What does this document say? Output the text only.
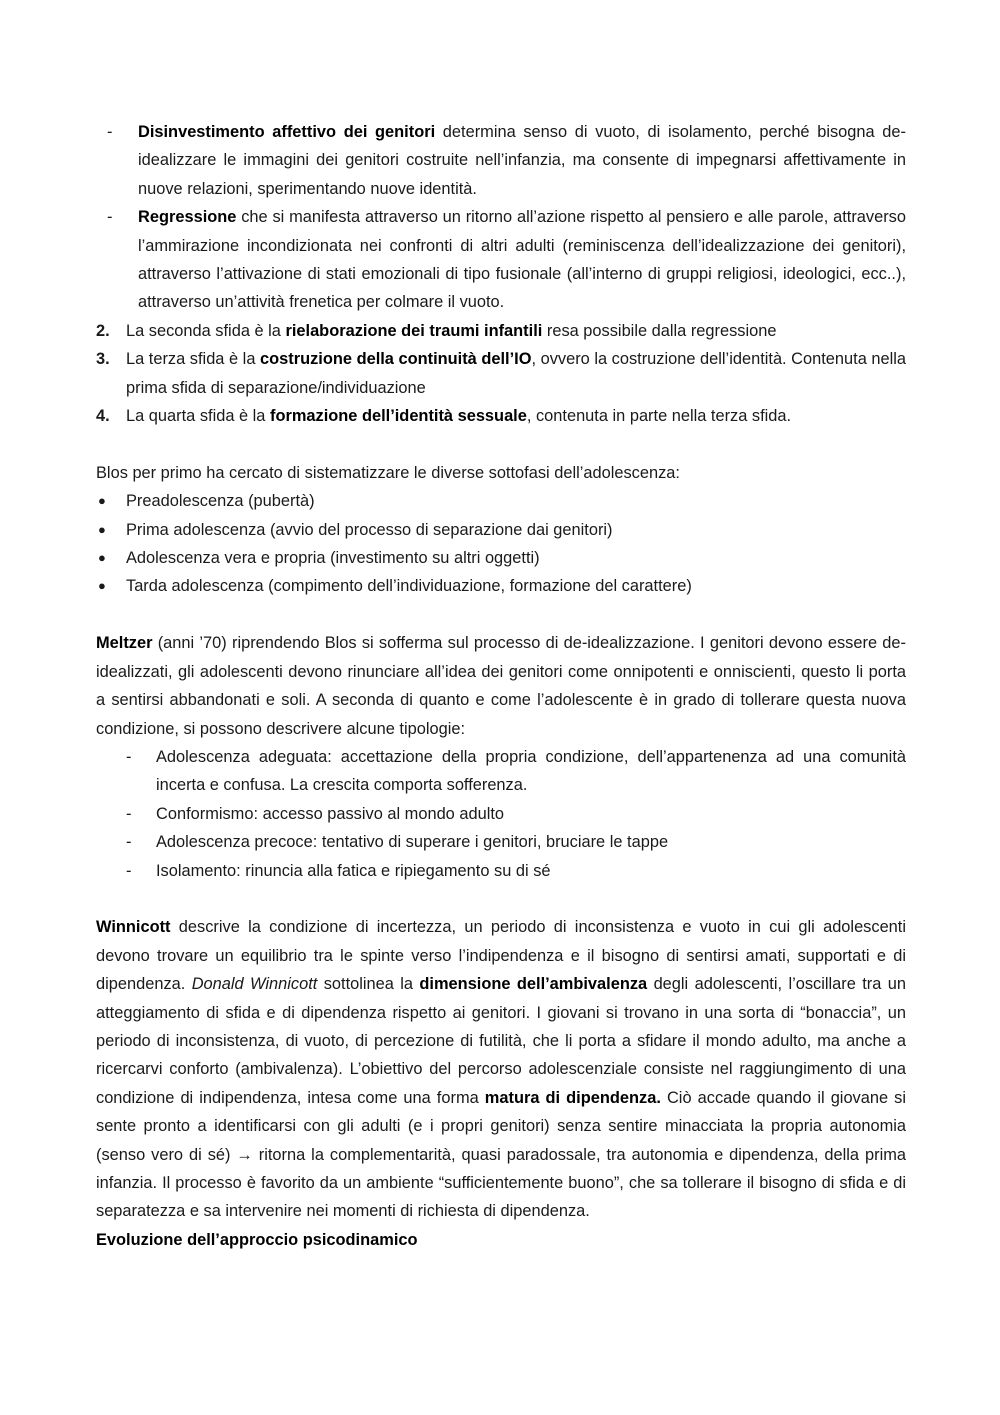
- Disinvestimento affettivo dei genitori determina senso di vuoto, di isolamento, perché bisogna de-idealizzare le immagini dei genitori costruite nell’infanzia, ma consente di impegnarsi affettivamente in nuove relazioni, sperimentando nuove identità.
- Regressione che si manifesta attraverso un ritorno all’azione rispetto al pensiero e alle parole, attraverso l’ammirazione incondizionata nei confronti di altri adulti (reminiscenza dell’idealizzazione dei genitori), attraverso l’attivazione di stati emozionali di tipo fusionale (all’interno di gruppi religiosi, ideologici, ecc..), attraverso un’attività frenetica per colmare il vuoto.
2. La seconda sfida è la rielaborazione dei traumi infantili resa possibile dalla regressione
3. La terza sfida è la costruzione della continuità dell’IO, ovvero la costruzione dell’identità. Contenuta nella prima sfida di separazione/individuazione
4. La quarta sfida è la formazione dell’identità sessuale, contenuta in parte nella terza sfida.
Blos per primo ha cercato di sistematizzare le diverse sottofasi dell’adolescenza:
● Preadolescenza (pubertà)
● Prima adolescenza (avvio del processo di separazione dai genitori)
● Adolescenza vera e propria (investimento su altri oggetti)
● Tarda adolescenza (compimento dell’individuazione, formazione del carattere)
Meltzer (anni ’70) riprendendo Blos si sofferma sul processo di de-idealizzazione. I genitori devono essere de-idealizzati, gli adolescenti devono rinunciare all’idea dei genitori come onnipotenti e onniscienti, questo li porta a sentirsi abbandonati e soli. A seconda di quanto e come l’adolescente è in grado di tollerare questa nuova condizione, si possono descrivere alcune tipologie:
- Adolescenza adeguata: accettazione della propria condizione, dell’appartenenza ad una comunità incerta e confusa. La crescita comporta sofferenza.
- Conformismo: accesso passivo al mondo adulto
- Adolescenza precoce: tentativo di superare i genitori, bruciare le tappe
- Isolamento: rinuncia alla fatica e ripiegamento su di sé
Winnicott descrive la condizione di incertezza, un periodo di inconsistenza e vuoto in cui gli adolescenti devono trovare un equilibrio tra le spinte verso l’indipendenza e il bisogno di sentirsi amati, supportati e di dipendenza. Donald Winnicott sottolinea la dimensione dell’ambivalenza degli adolescenti, l’oscillare tra un atteggiamento di sfida e di dipendenza rispetto ai genitori. I giovani si trovano in una sorta di “bonaccia”, un periodo di inconsistenza, di vuoto, di percezione di futilità, che li porta a sfidare il mondo adulto, ma anche a ricercarvi conforto (ambivalenza). L’obiettivo del percorso adolescenziale consiste nel raggiungimento di una condizione di indipendenza, intesa come una forma matura di dipendenza. Ciò accade quando il giovane si sente pronto a identificarsi con gli adulti (e i propri genitori) senza sentire minacciata la propria autonomia (senso vero di sé) → ritorna la complementarità, quasi paradossale, tra autonomia e dipendenza, della prima infanzia. Il processo è favorito da un ambiente “sufficientemente buono”, che sa tollerare il bisogno di sfida e di separatezza e sa intervenire nei momenti di richiesta di dipendenza.
Evoluzione dell’approccio psicodinamico
